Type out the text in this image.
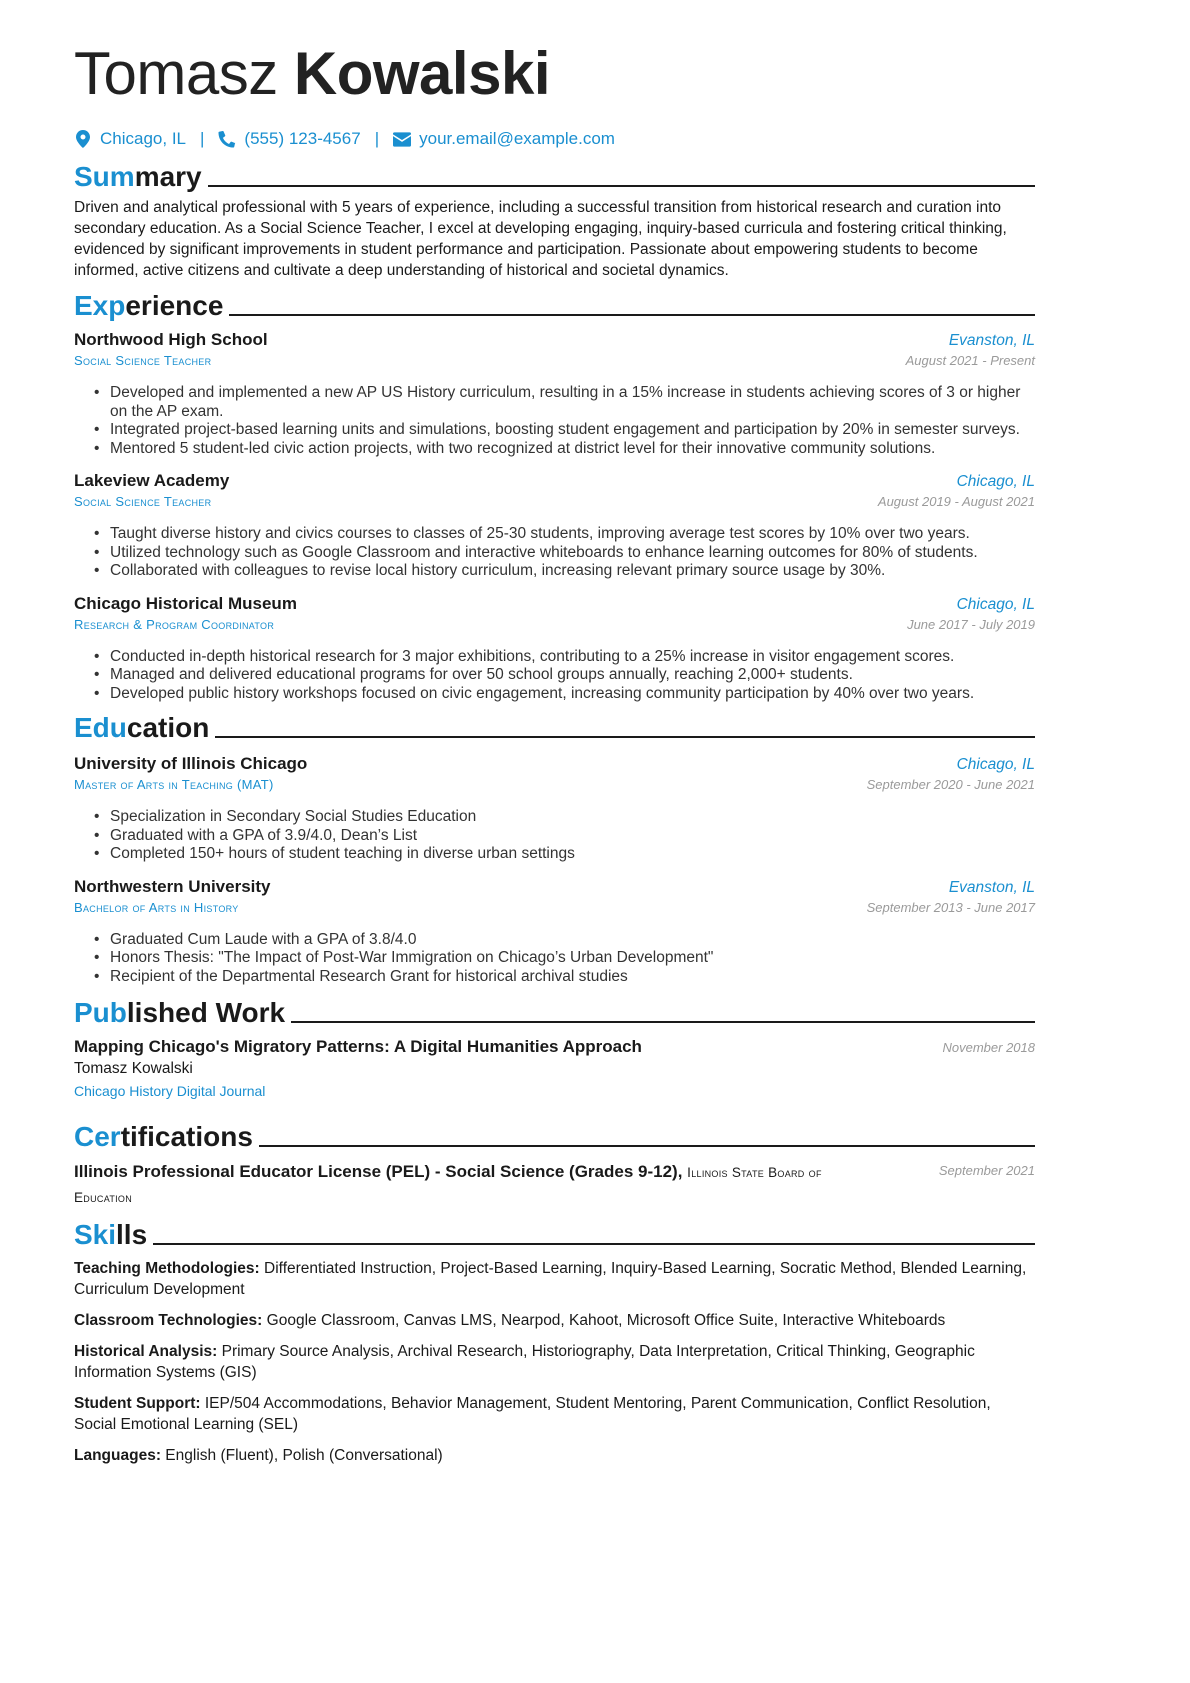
Tomasz Kowalski
Chicago, IL | (555) 123-4567 | your.email@example.com
Summary
Driven and analytical professional with 5 years of experience, including a successful transition from historical research and curation into secondary education. As a Social Science Teacher, I excel at developing engaging, inquiry-based curricula and fostering critical thinking, evidenced by significant improvements in student performance and participation. Passionate about empowering students to become informed, active citizens and cultivate a deep understanding of historical and societal dynamics.
Experience
Northwood High School	Evanston, IL
Social Science Teacher	August 2021 - Present
• Developed and implemented a new AP US History curriculum, resulting in a 15% increase in students achieving scores of 3 or higher on the AP exam.
• Integrated project-based learning units and simulations, boosting student engagement and participation by 20% in semester surveys.
• Mentored 5 student-led civic action projects, with two recognized at district level for their innovative community solutions.
Lakeview Academy	Chicago, IL
Social Science Teacher	August 2019 - August 2021
• Taught diverse history and civics courses to classes of 25-30 students, improving average test scores by 10% over two years.
• Utilized technology such as Google Classroom and interactive whiteboards to enhance learning outcomes for 80% of students.
• Collaborated with colleagues to revise local history curriculum, increasing relevant primary source usage by 30%.
Chicago Historical Museum	Chicago, IL
Research & Program Coordinator	June 2017 - July 2019
• Conducted in-depth historical research for 3 major exhibitions, contributing to a 25% increase in visitor engagement scores.
• Managed and delivered educational programs for over 50 school groups annually, reaching 2,000+ students.
• Developed public history workshops focused on civic engagement, increasing community participation by 40% over two years.
Education
University of Illinois Chicago	Chicago, IL
Master of Arts in Teaching (MAT)	September 2020 - June 2021
• Specialization in Secondary Social Studies Education
• Graduated with a GPA of 3.9/4.0, Dean’s List
• Completed 150+ hours of student teaching in diverse urban settings
Northwestern University	Evanston, IL
Bachelor of Arts in History	September 2013 - June 2017
• Graduated Cum Laude with a GPA of 3.8/4.0
• Honors Thesis: "The Impact of Post-War Immigration on Chicago’s Urban Development"
• Recipient of the Departmental Research Grant for historical archival studies
Published Work
Mapping Chicago's Migratory Patterns: A Digital Humanities Approach	November 2018
Tomasz Kowalski
Chicago History Digital Journal
Certifications
Illinois Professional Educator License (PEL) - Social Science (Grades 9-12), Illinois State Board of Education
September 2021
Skills
Teaching Methodologies: Differentiated Instruction, Project-Based Learning, Inquiry-Based Learning, Socratic Method, Blended Learning, Curriculum Development
Classroom Technologies: Google Classroom, Canvas LMS, Nearpod, Kahoot, Microsoft Office Suite, Interactive Whiteboards
Historical Analysis: Primary Source Analysis, Archival Research, Historiography, Data Interpretation, Critical Thinking, Geographic Information Systems (GIS)
Student Support: IEP/504 Accommodations, Behavior Management, Student Mentoring, Parent Communication, Conflict Resolution, Social Emotional Learning (SEL)
Languages: English (Fluent), Polish (Conversational)
